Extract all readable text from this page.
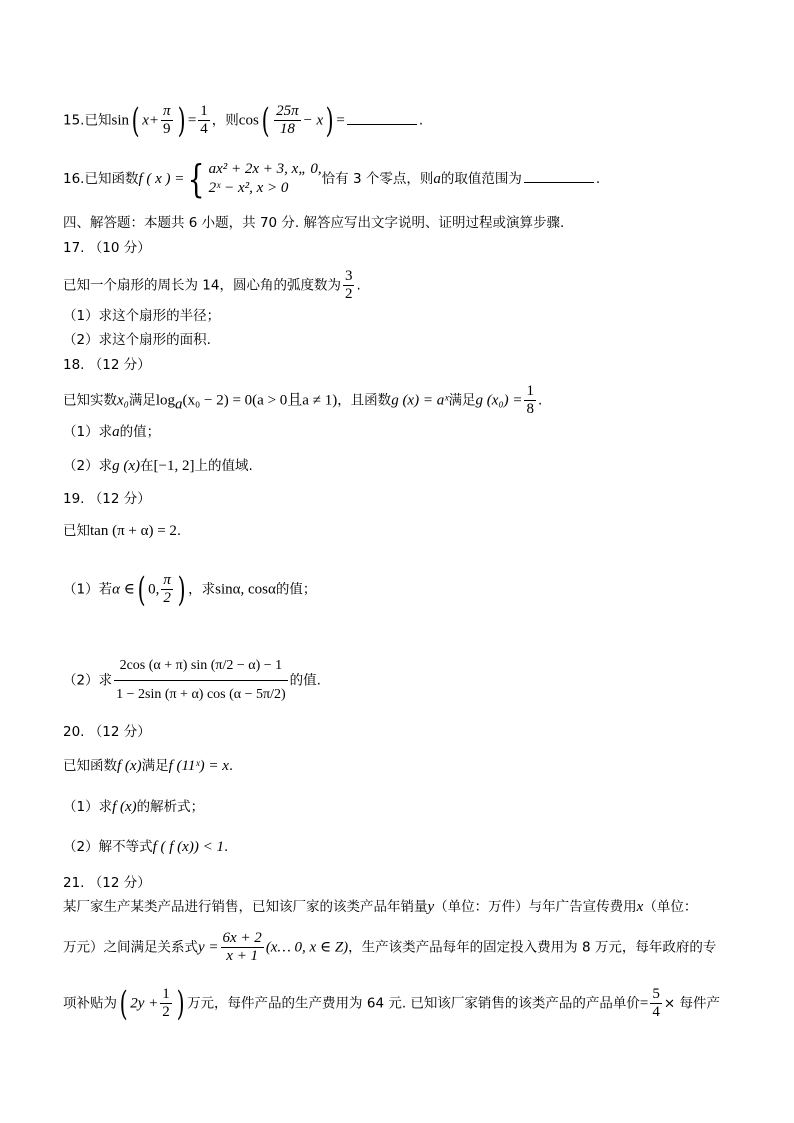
15.已知sin( $x+ \frac{\pi}{9}$ ) = $\frac{1}{4}$ ，则$\cos( \frac{25\pi}{18} - x)$ =	.
16.已知函数f ( x ) ={ ax² + 2x + 3, x„ 0,
2ˣ − x², x > 0
恰有 3 个零点，则a的取值范围为	.
四、解答题：本题共 6 小题，共 70 分. 解答应写出文字说明、证明过程或演算步骤.
17. （10 分）
已知一个扇形的周长为 14，圆心角的弧度数为 $\frac{3}{2}$ .
（1）求这个扇形的半径；
（2）求这个扇形的面积.
18. （12 分）
已知实数x₀满足$\log_a(x_0 - 2) = 0(a > 0$且a ≠ 1)，且函数g (x) = aˣ满足g $(x_0) = \frac{1}{8}$ .
（1）求a的值；
（2）求g (x)在[−1, 2]上的值域.
19. （12 分）
已知tan (π + α) = 2.
（1）若α ∈( 0, $\frac{\pi}{2}$ ) ，求sinα, cosα的值；
（2）求 $\frac{2\cos (\alpha + \pi) \sin (\pi/2 - \alpha) - 1}{1 - 2\sin (\pi + \alpha) \cos (\alpha - 5\pi/2)}$ 的值.
20. （12 分）
已知函数f (x)满足f (11ˣ) = x.
（1）求f (x)的解析式；
（2）解不等式f ( f (x)) < 1.
21. （12 分）
某厂家生产某类产品进行销售，已知该厂家的该类产品年销量y（单位：万件）与年广告宣传费用x（单位：
万元）之间满足关系式$y = \frac{6x + 2}{x + 1}$ (x… 0, x ∈ Z)，生产该类产品每年的固定投入费用为 8 万元，每年政府的专
项补贴为( $2y + \frac{1}{2}$ ) 万元，每件产品的生产费用为 64 元. 已知该厂家销售的该类产品的产品单价= $\frac{5}{4}$ × 每件产
